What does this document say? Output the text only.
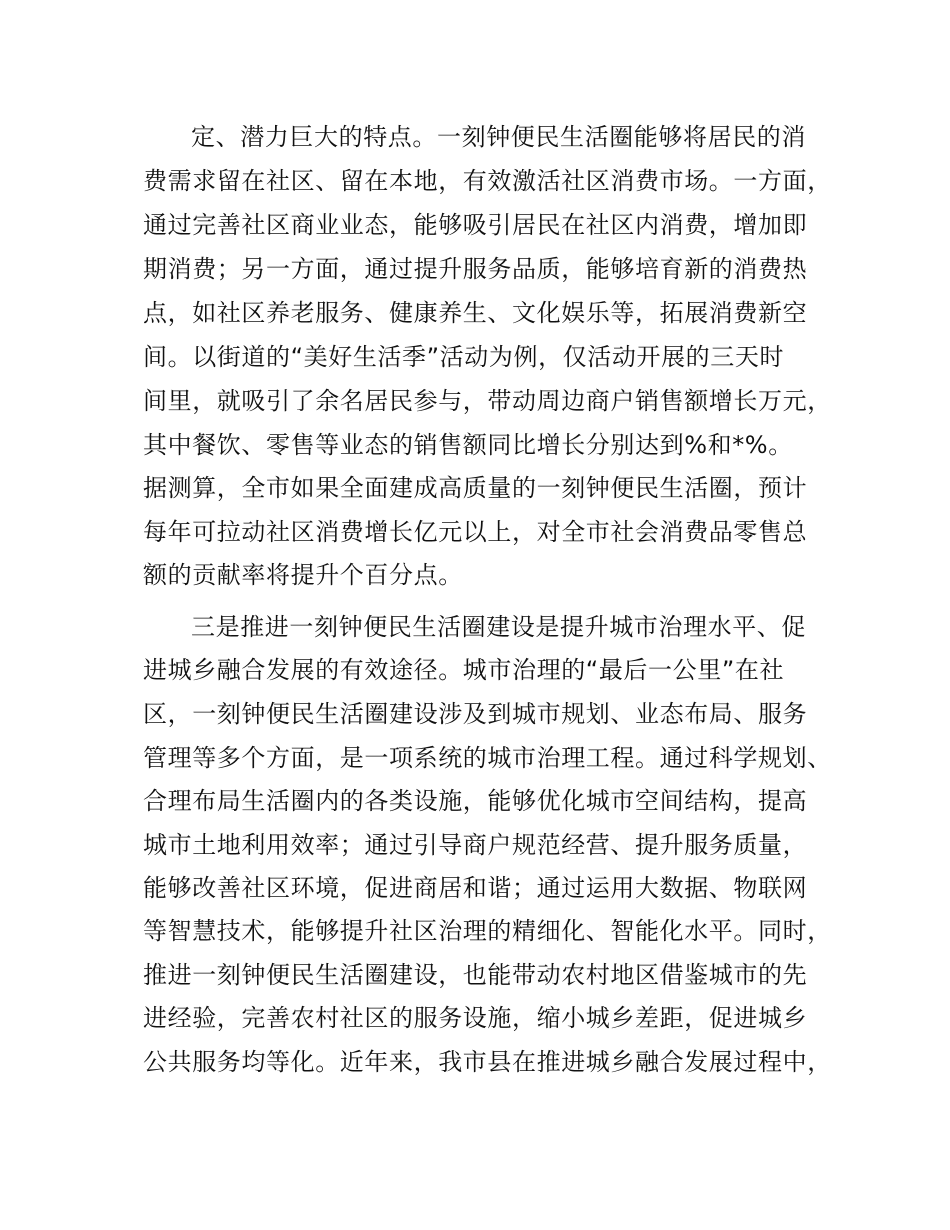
定、潜力巨大的特点。一刻钟便民生活圈能够将居民的消
费需求留在社区、留在本地，有效激活社区消费市场。一方面，
通过完善社区商业业态，能够吸引居民在社区内消费，增加即
期消费；另一方面，通过提升服务品质，能够培育新的消费热
点，如社区养老服务、健康养生、文化娱乐等，拓展消费新空
间。以街道的“美好生活季”活动为例，仅活动开展的三天时
间里，就吸引了余名居民参与，带动周边商户销售额增长万元，
其中餐饮、零售等业态的销售额同比增长分别达到%和*%。
据测算，全市如果全面建成高质量的一刻钟便民生活圈，预计
每年可拉动社区消费增长亿元以上，对全市社会消费品零售总
额的贡献率将提升个百分点。
三是推进一刻钟便民生活圈建设是提升城市治理水平、促
进城乡融合发展的有效途径。城市治理的“最后一公里”在社
区，一刻钟便民生活圈建设涉及到城市规划、业态布局、服务
管理等多个方面，是一项系统的城市治理工程。通过科学规划、
合理布局生活圈内的各类设施，能够优化城市空间结构，提高
城市土地利用效率；通过引导商户规范经营、提升服务质量，
能够改善社区环境，促进商居和谐；通过运用大数据、物联网
等智慧技术，能够提升社区治理的精细化、智能化水平。同时，
推进一刻钟便民生活圈建设，也能带动农村地区借鉴城市的先
进经验，完善农村社区的服务设施，缩小城乡差距，促进城乡
公共服务均等化。近年来，我市县在推进城乡融合发展过程中，
